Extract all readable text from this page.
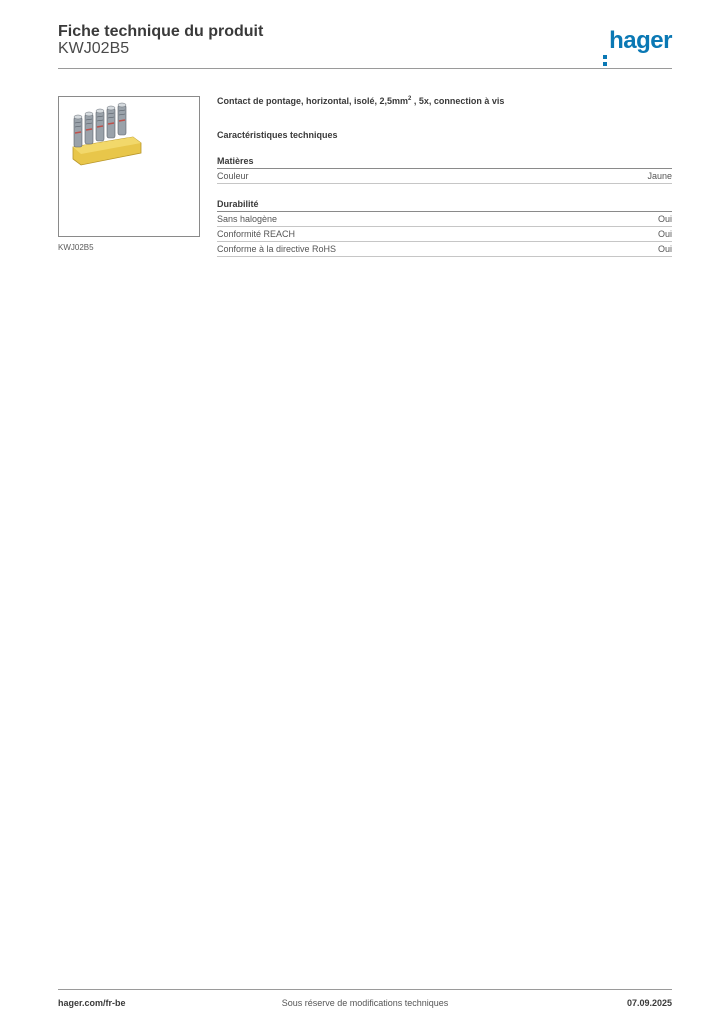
Fiche technique du produit
KWJ02B5	hager
KWJ02B5
Contact de pontage, horizontal, isolé, $2,5mm^2$ , 5x, connection à vis
Caractéristiques techniques
Matières
Couleur	Jaune
Durabilité
Sans halogène	Oui
Conformité REACH	Oui
Conforme à la directive RoHS	Oui
hager.com/fr-be	Sous réserve de modifications techniques	07.09.2025
